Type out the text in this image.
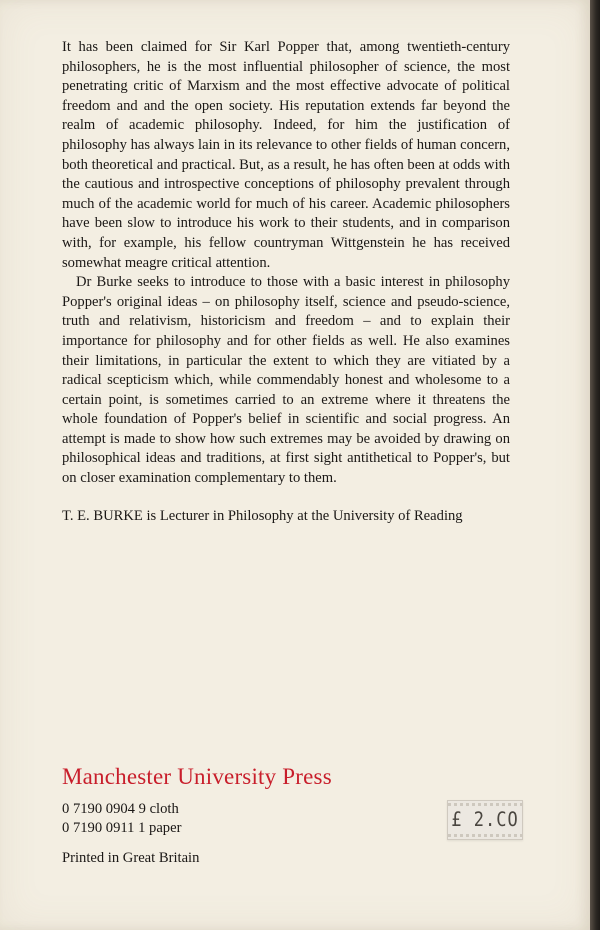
It has been claimed for Sir Karl Popper that, among twentieth-century philosophers, he is the most influential philosopher of science, the most penetrating critic of Marxism and the most effective advocate of political freedom and and the open society. His reputation extends far beyond the realm of academic philosophy. Indeed, for him the justification of philosophy has always lain in its relevance to other fields of human concern, both theoretical and practical. But, as a result, he has often been at odds with the cautious and introspective conceptions of philosophy prevalent through much of the academic world for much of his career. Academic philosophers have been slow to introduce his work to their students, and in comparison with, for example, his fellow countryman Wittgenstein he has received somewhat meagre critical attention.

Dr Burke seeks to introduce to those with a basic interest in philosophy Popper's original ideas – on philosophy itself, science and pseudo-science, truth and relativism, historicism and freedom – and to explain their importance for philosophy and for other fields as well. He also examines their limitations, in particular the extent to which they are vitiated by a radical scepticism which, while commendably honest and wholesome to a certain point, is sometimes carried to an extreme where it threatens the whole foundation of Popper's belief in scientific and social progress. An attempt is made to show how such extremes may be avoided by drawing on philosophical ideas and traditions, at first sight antithetical to Popper's, but on closer examination complementary to them.

T. E. BURKE is Lecturer in Philosophy at the University of Reading

Manchester University Press
0 7190 0904 9 cloth
0 7190 0911 1 paper
Printed in Great Britain
£ 2.CO
